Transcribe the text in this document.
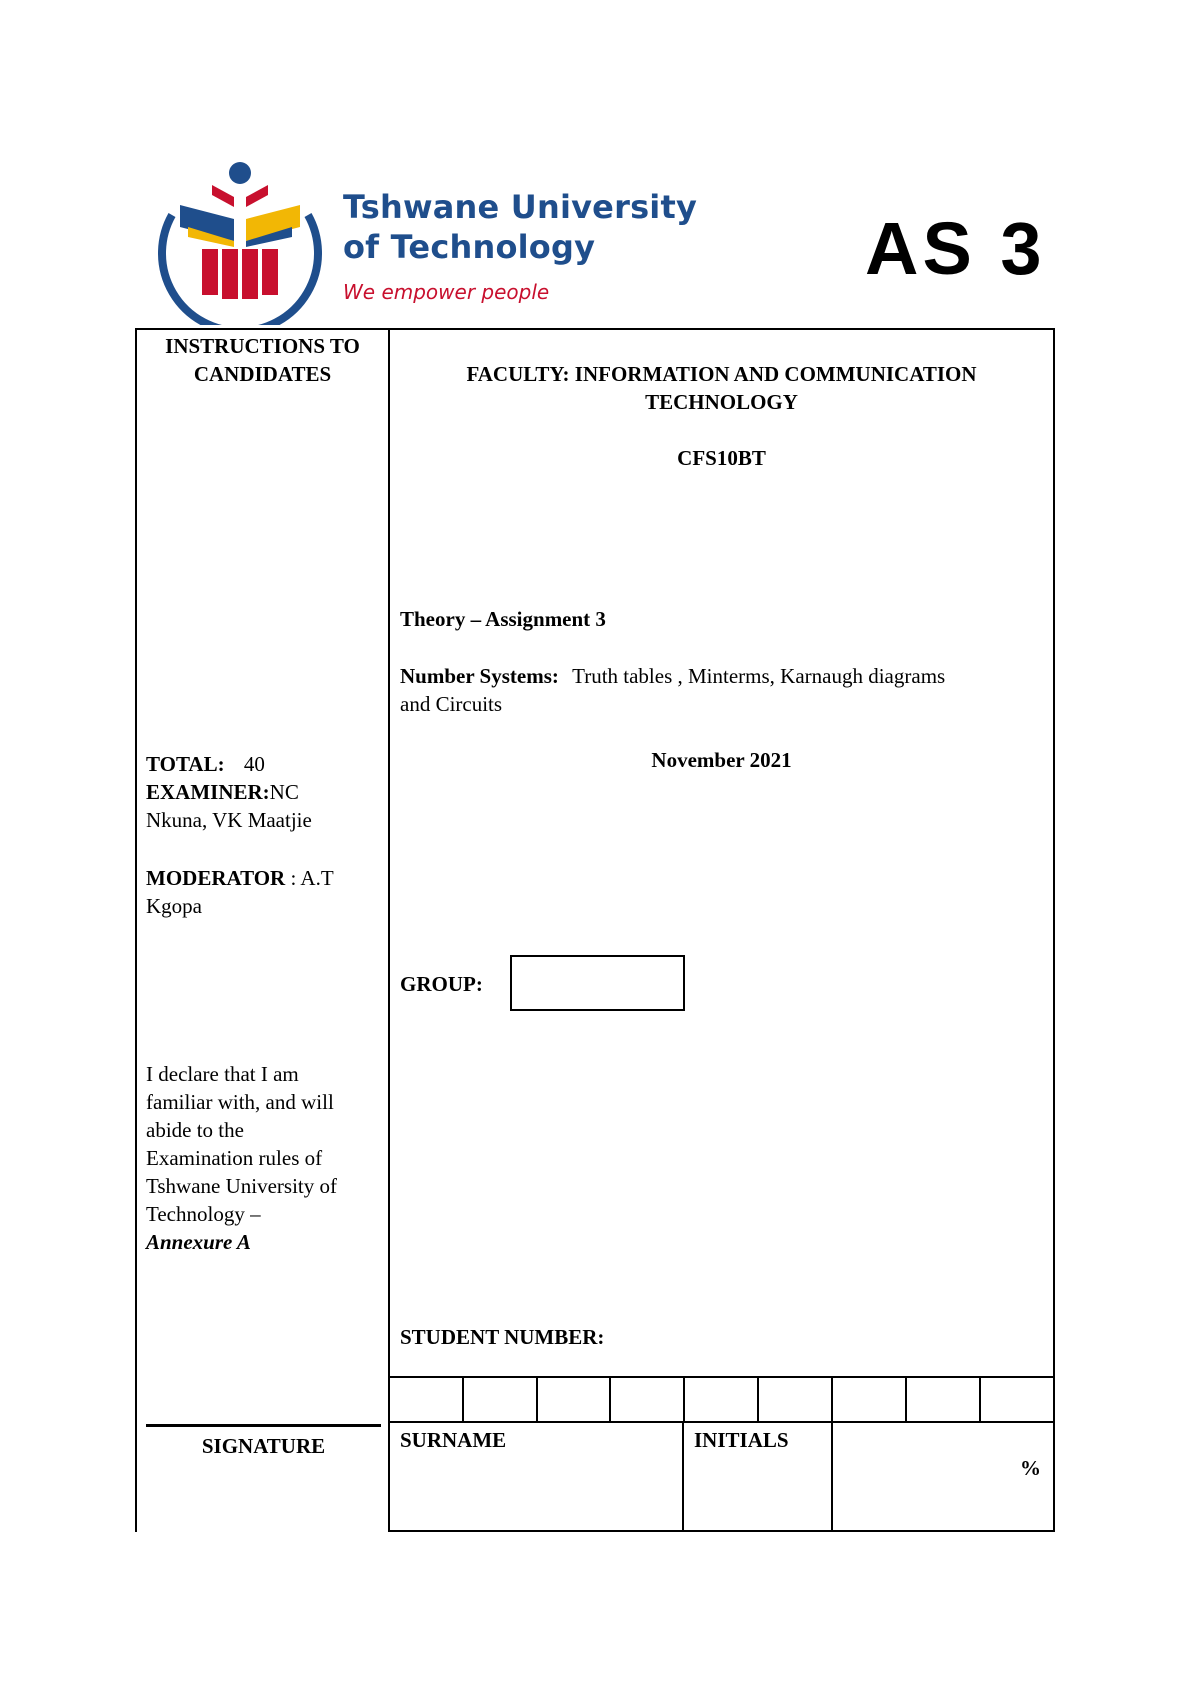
Tshwane University
of Technology
We empower people
AS 3
INSTRUCTIONS TO
CANDIDATES
TOTAL: 40
EXAMINER:NC
Nkuna, VK Maatjie
MODERATOR : A.T
Kgopa
I declare that I am
familiar with, and will
abide to the
Examination rules of
Tshwane University of
Technology –
Annexure A
SIGNATURE
FACULTY: INFORMATION AND COMMUNICATION
TECHNOLOGY
CFS10BT
Theory – Assignment 3
Number Systems: Truth tables , Minterms, Karnaugh diagrams
and Circuits
November 2021
GROUP:
STUDENT NUMBER:
SURNAME	INITIALS
%
